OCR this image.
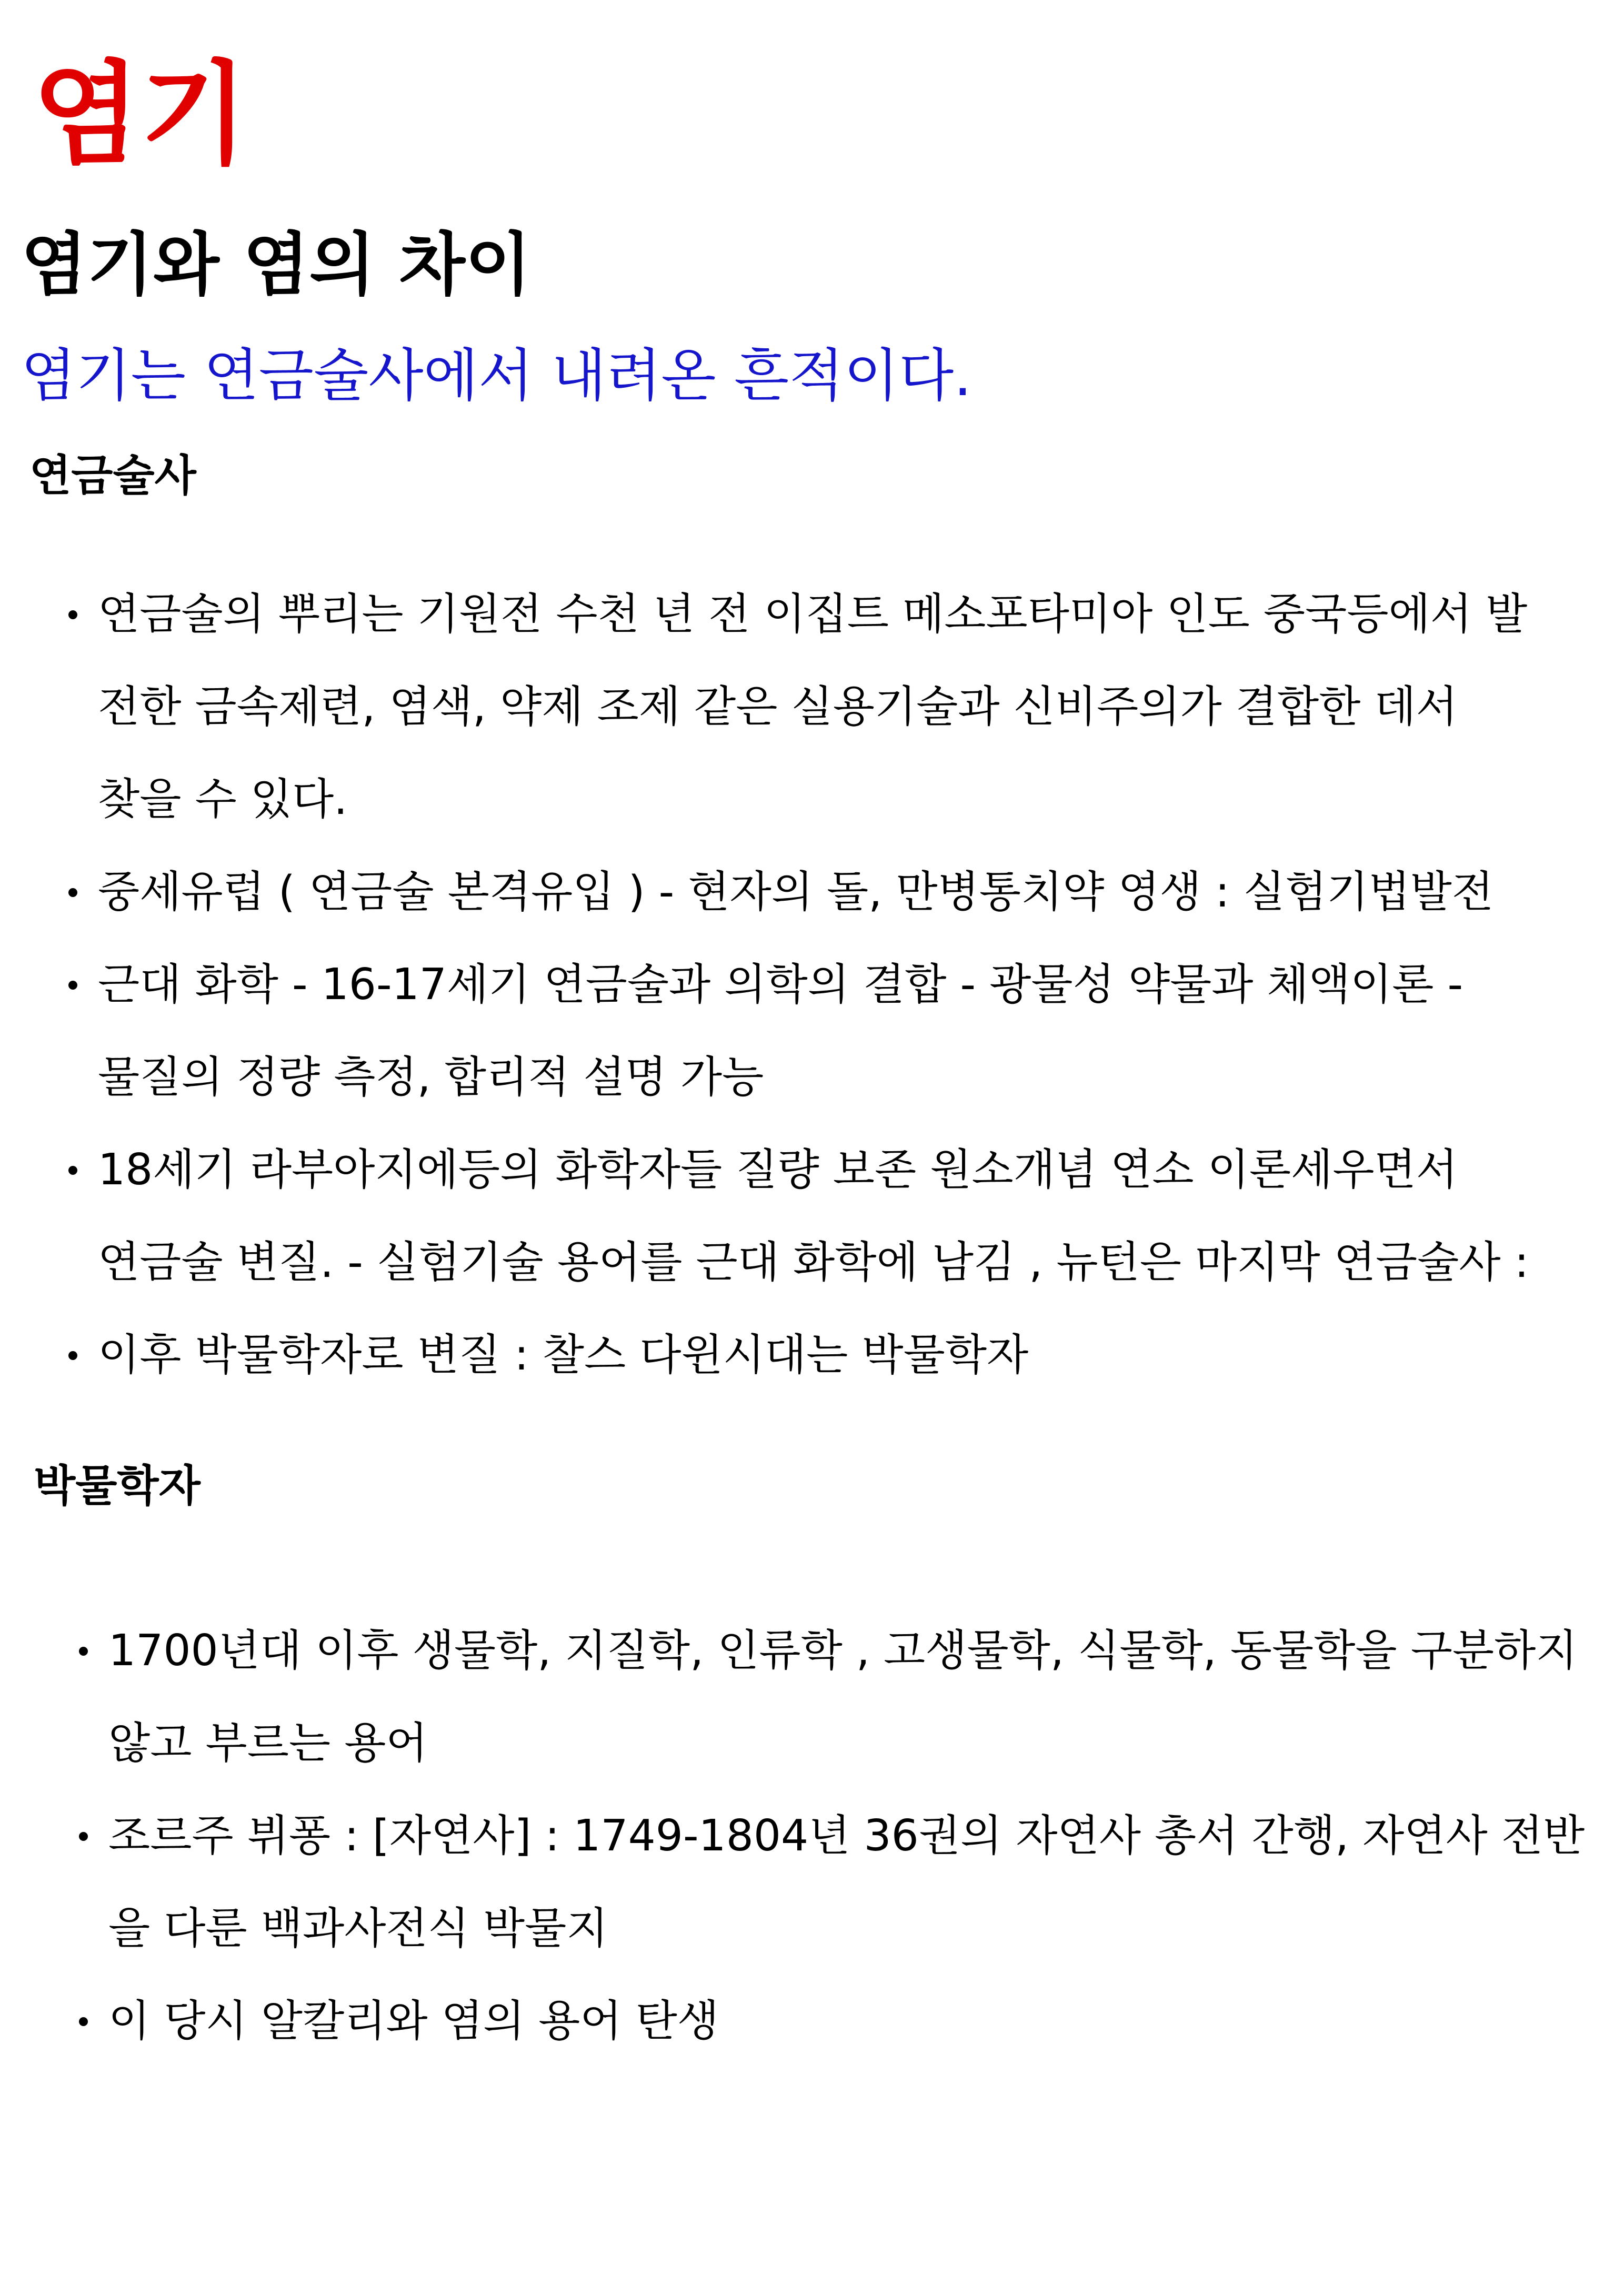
염기
염기와 염의 차이

염기는 연금술사에서 내려온 흔적이다.

연금술사
연금술의 뿌리는 기원전 수천 년 전 이집트 메소포타미아 인도 중국등에서 발
전한 금속제련, 염색, 약제 조제 같은 실용기술과 신비주의가 결합한 데서
찾을 수 있다.
중세유럽 ( 연금술 본격유입 ) - 현자의 돌, 만병통치약 영생 : 실험기법발전
근대 화학 - 16-17세기 연금술과 의학의 결합 - 광물성 약물과 체액이론 -
물질의 정량 측정, 합리적 설명 가능
18세기 라부아지에등의 화학자들 질량 보존 원소개념 연소 이론세우면서
연금술 변질. - 실험기술 용어를 근대 화학에 남김 , 뉴턴은 마지막 연금술사 :
이후 박물학자로 변질 : 찰스 다윈시대는 박물학자
박물학자
1700년대 이후 생물학, 지질학, 인류학 , 고생물학, 식물학, 동물학을 구분하지
않고 부르는 용어
조르주 뷔퐁 : [자연사] : 1749-1804년 36권의 자연사 총서 간행, 자연사 전반
을 다룬 백과사전식 박물지
이 당시 알칼리와 염의 용어 탄생
